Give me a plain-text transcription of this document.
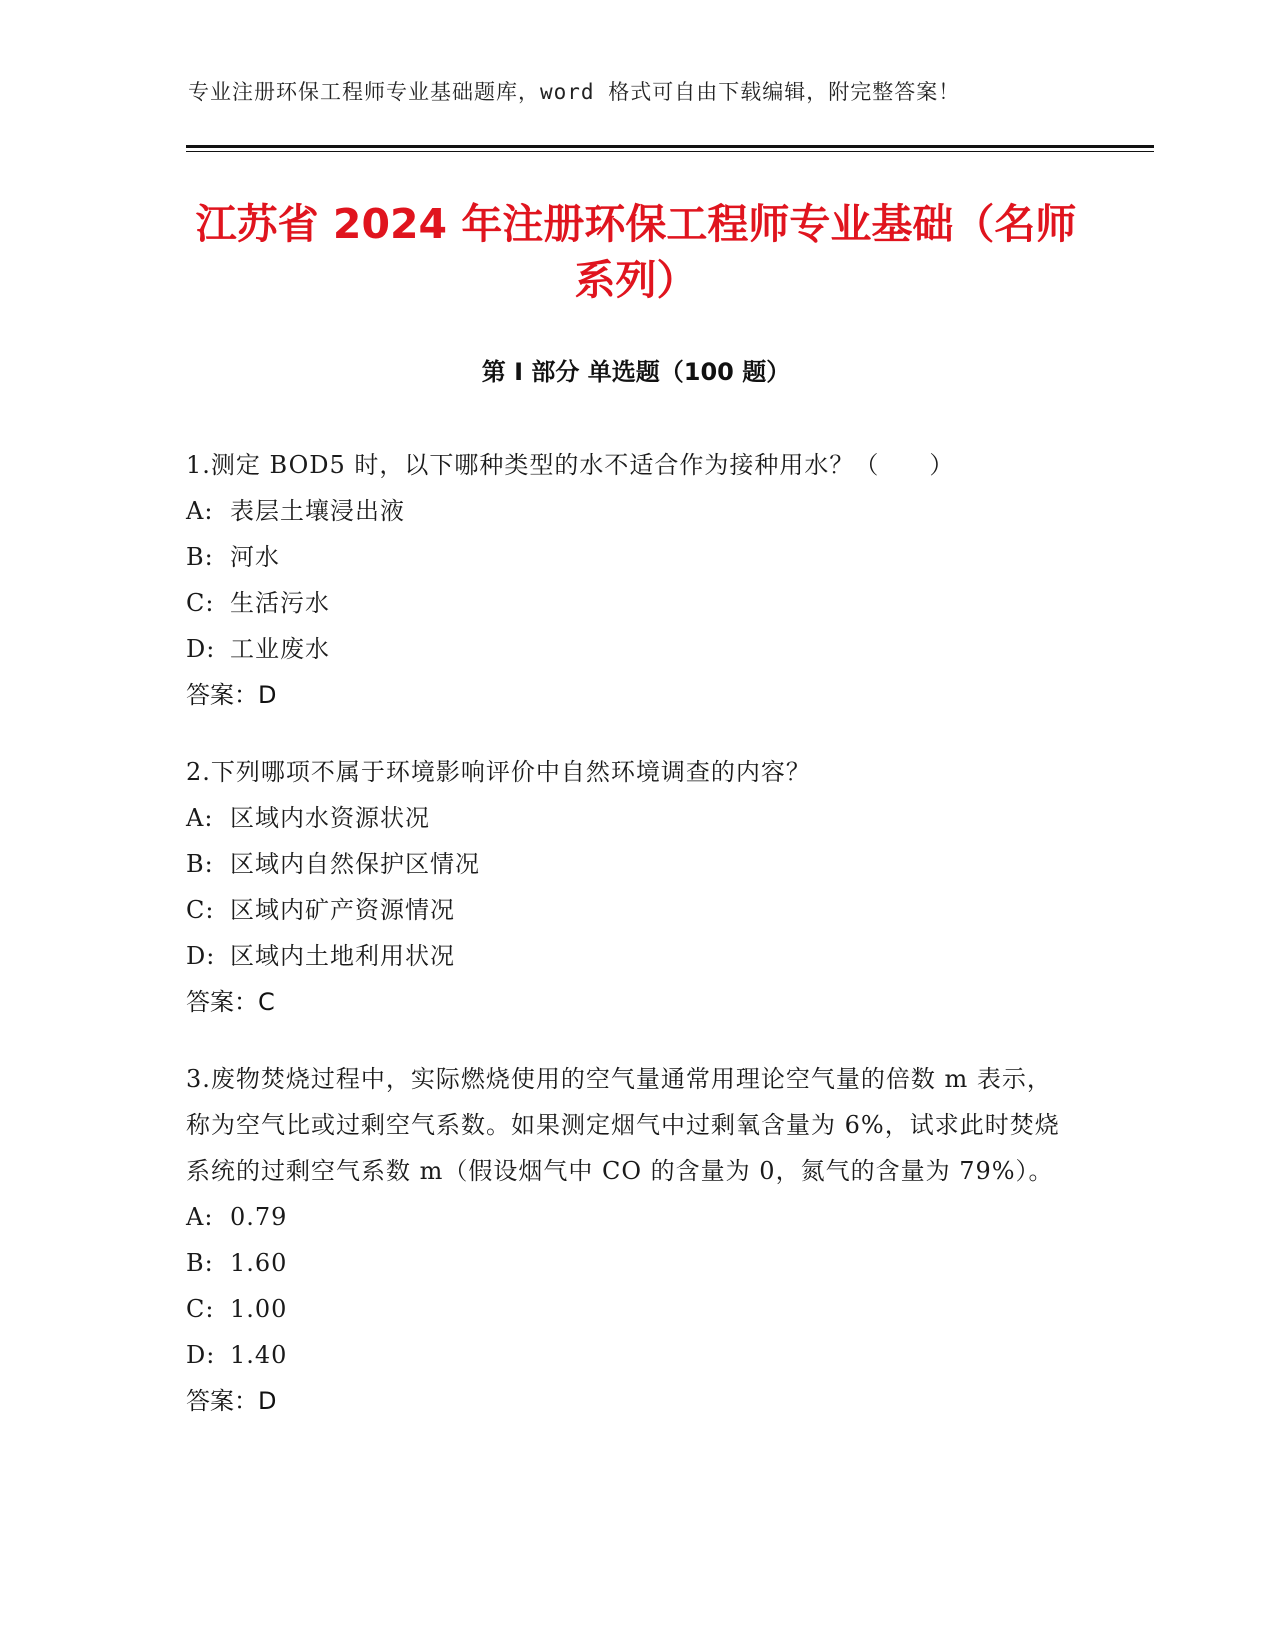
专业注册环保工程师专业基础题库，word 格式可自由下载编辑，附完整答案！
江苏省 2024 年注册环保工程师专业基础（名师系列）
第 I 部分 单选题（100 题）
1.测定 BOD5 时，以下哪种类型的水不适合作为接种用水？（　　）
A: 表层土壤浸出液
B: 河水
C: 生活污水
D: 工业废水
答案：D
2.下列哪项不属于环境影响评价中自然环境调查的内容？
A: 区域内水资源状况
B: 区域内自然保护区情况
C: 区域内矿产资源情况
D: 区域内土地利用状况
答案：C
3.废物焚烧过程中，实际燃烧使用的空气量通常用理论空气量的倍数 m 表示，称为空气比或过剩空气系数。如果测定烟气中过剩氧含量为 6%，试求此时焚烧系统的过剩空气系数 m（假设烟气中 CO 的含量为 0，氮气的含量为 79%）。
A: 0.79
B: 1.60
C: 1.00
D: 1.40
答案：D
